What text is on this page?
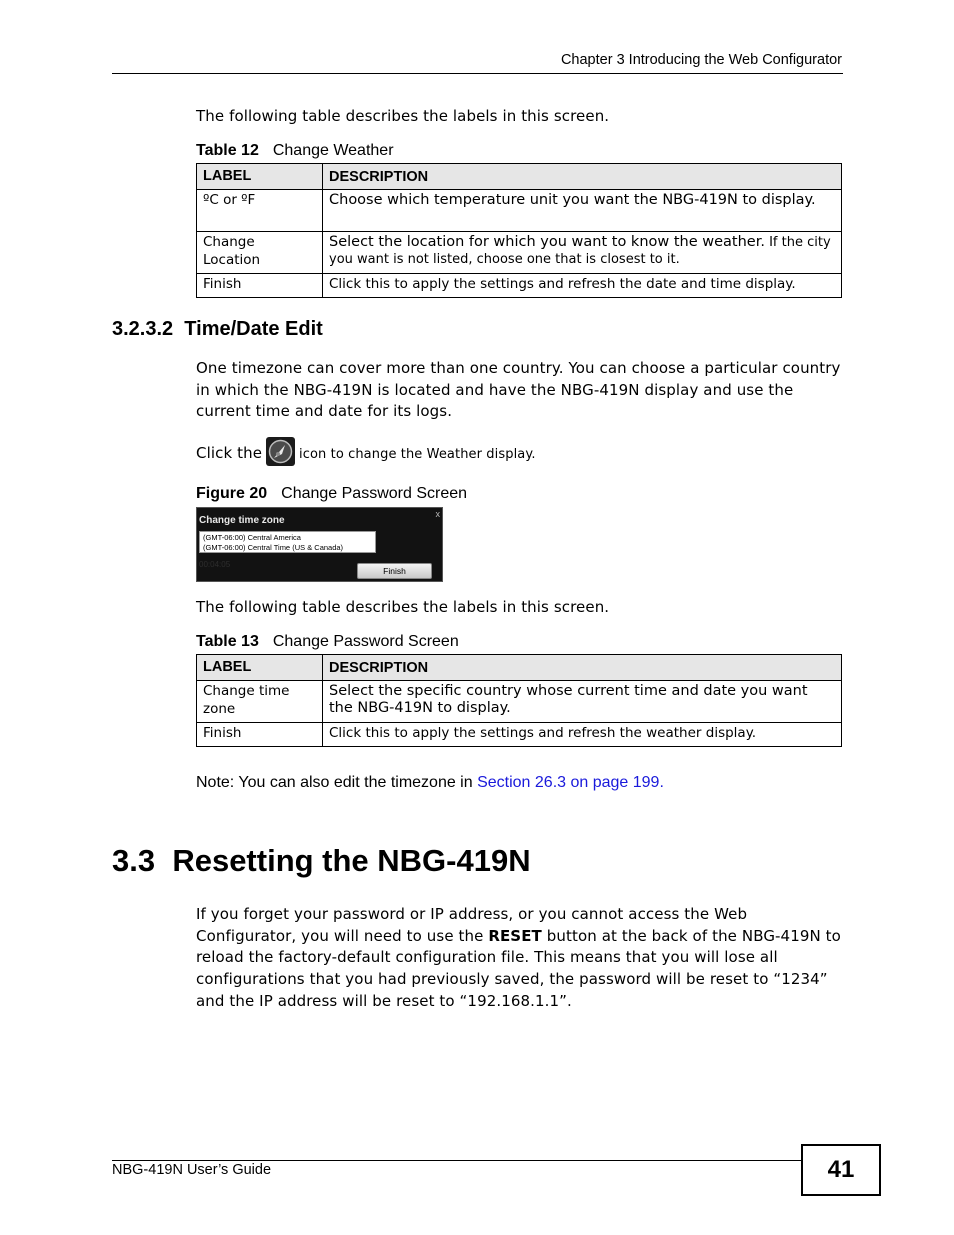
Chapter 3 Introducing the Web Configurator
The following table describes the labels in this screen.
Table 12 Change Weather
LABEL	DESCRIPTION
ºC or ºF	Choose which temperature unit you want the NBG-419N to display.
Change Location	Select the location for which you want to know the weather. If the city you want is not listed, choose one that is closest to it.
Finish	Click this to apply the settings and refresh the date and time display.
3.2.3.2  Time/Date Edit
One timezone can cover more than one country. You can choose a particular country in which the NBG-419N is located and have the NBG-419N display and use the current time and date for its logs.
Click the	icon to change the Weather display.
Figure 20 Change Password Screen
Change time zone
x
(GMT-06:00) Central America
(GMT-06:00) Central Time (US & Canada)
00:04:05
Finish
The following table describes the labels in this screen.
Table 13 Change Password Screen
LABEL	DESCRIPTION
Change time zone	Select the specific country whose current time and date you want the NBG-419N to display.
Finish	Click this to apply the settings and refresh the weather display.
Note: You can also edit the timezone in Section 26.3 on page 199.
3.3  Resetting the NBG-419N
If you forget your password or IP address, or you cannot access the Web Configurator, you will need to use the RESET button at the back of the NBG-419N to reload the factory-default configuration file. This means that you will lose all configurations that you had previously saved, the password will be reset to “1234” and the IP address will be reset to “192.168.1.1”.
NBG-419N User’s Guide	41
